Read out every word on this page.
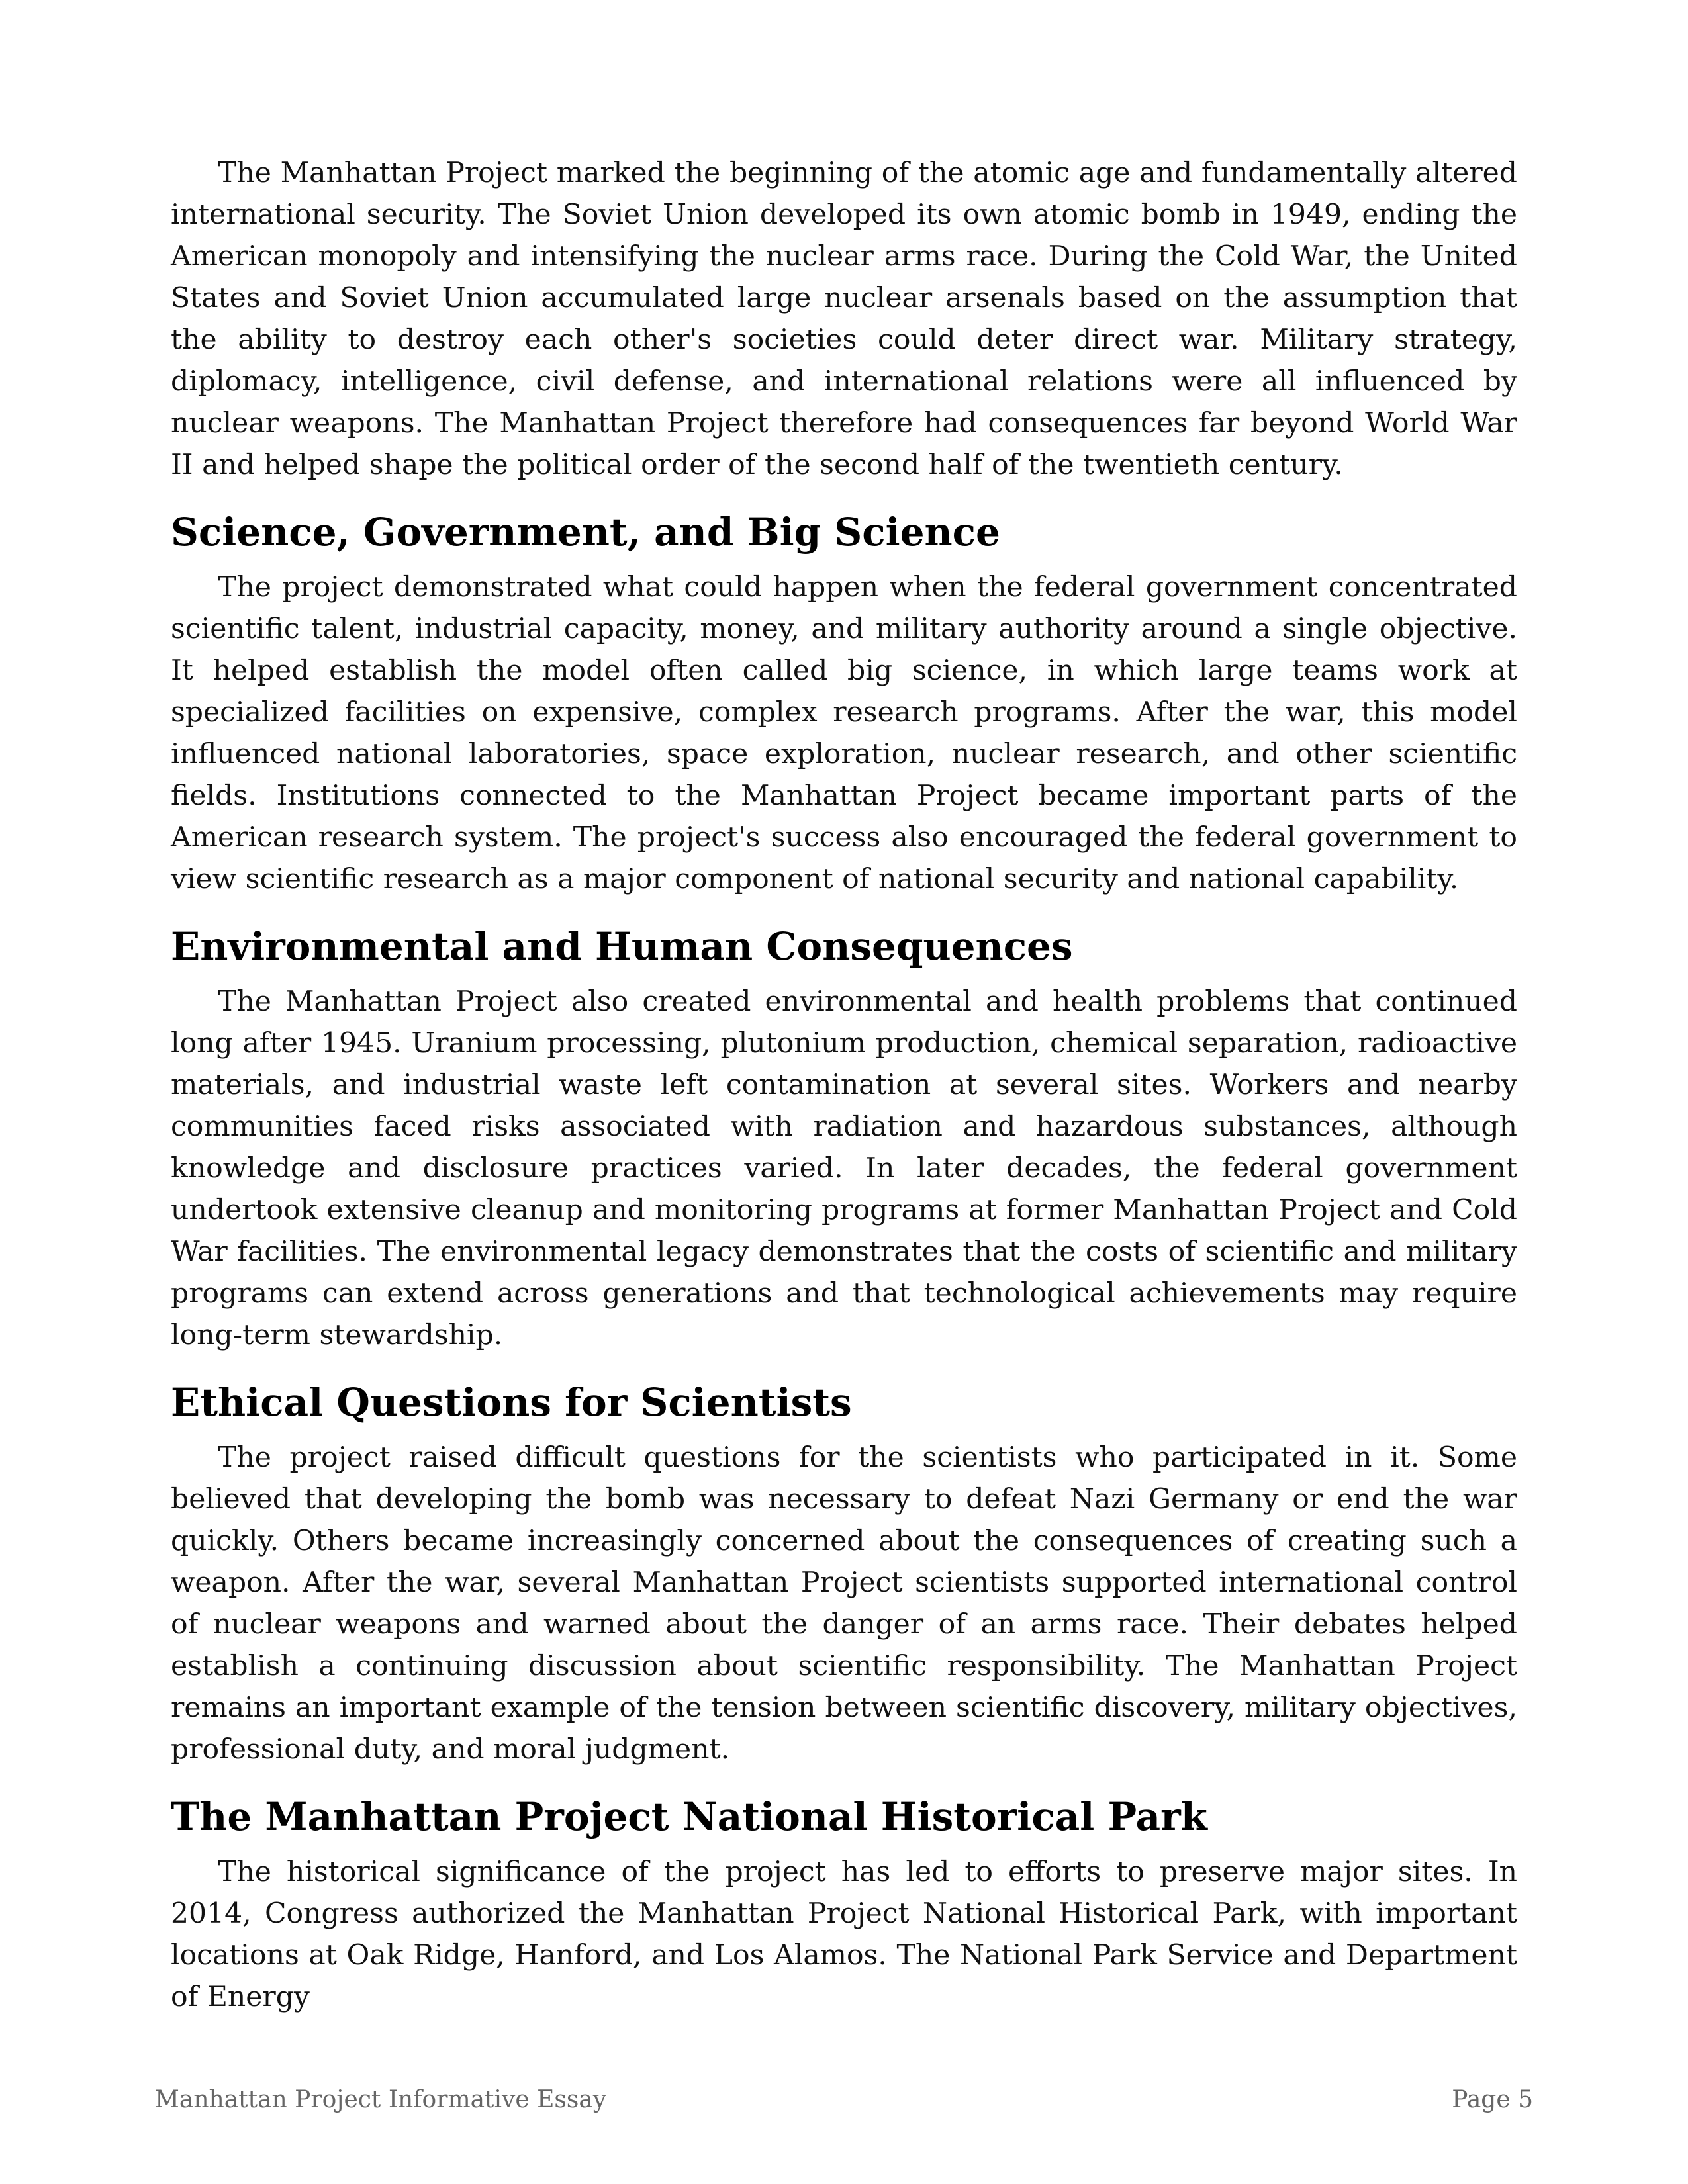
The Manhattan Project marked the beginning of the atomic age and fundamentally altered international security. The Soviet Union developed its own atomic bomb in 1949, ending the American monopoly and intensifying the nuclear arms race. During the Cold War, the United States and Soviet Union accumulated large nuclear arsenals based on the assumption that the ability to destroy each other's societies could deter direct war. Military strategy, diplomacy, intelligence, civil defense, and international relations were all influenced by nuclear weapons. The Manhattan Project therefore had consequences far beyond World War II and helped shape the political order of the second half of the twentieth century.

Science, Government, and Big Science

The project demonstrated what could happen when the federal government concentrated scientific talent, industrial capacity, money, and military authority around a single objective. It helped establish the model often called big science, in which large teams work at specialized facilities on expensive, complex research programs. After the war, this model influenced national laboratories, space exploration, nuclear research, and other scientific fields. Institutions connected to the Manhattan Project became important parts of the American research system. The project's success also encouraged the federal government to view scientific research as a major component of national security and national capability.

Environmental and Human Consequences

The Manhattan Project also created environmental and health problems that continued long after 1945. Uranium processing, plutonium production, chemical separation, radioactive materials, and industrial waste left contamination at several sites. Workers and nearby communities faced risks associated with radiation and hazardous substances, although knowledge and disclosure practices varied. In later decades, the federal government undertook extensive cleanup and monitoring programs at former Manhattan Project and Cold War facilities. The environmental legacy demonstrates that the costs of scientific and military programs can extend across generations and that technological achievements may require long-term stewardship.

Ethical Questions for Scientists

The project raised difficult questions for the scientists who participated in it. Some believed that developing the bomb was necessary to defeat Nazi Germany or end the war quickly. Others became increasingly concerned about the consequences of creating such a weapon. After the war, several Manhattan Project scientists supported international control of nuclear weapons and warned about the danger of an arms race. Their debates helped establish a continuing discussion about scientific responsibility. The Manhattan Project remains an important example of the tension between scientific discovery, military objectives, professional duty, and moral judgment.

The Manhattan Project National Historical Park

The historical significance of the project has led to efforts to preserve major sites. In 2014, Congress authorized the Manhattan Project National Historical Park, with important locations at Oak Ridge, Hanford, and Los Alamos. The National Park Service and Department of Energy

Manhattan Project Informative Essay	Page 5
